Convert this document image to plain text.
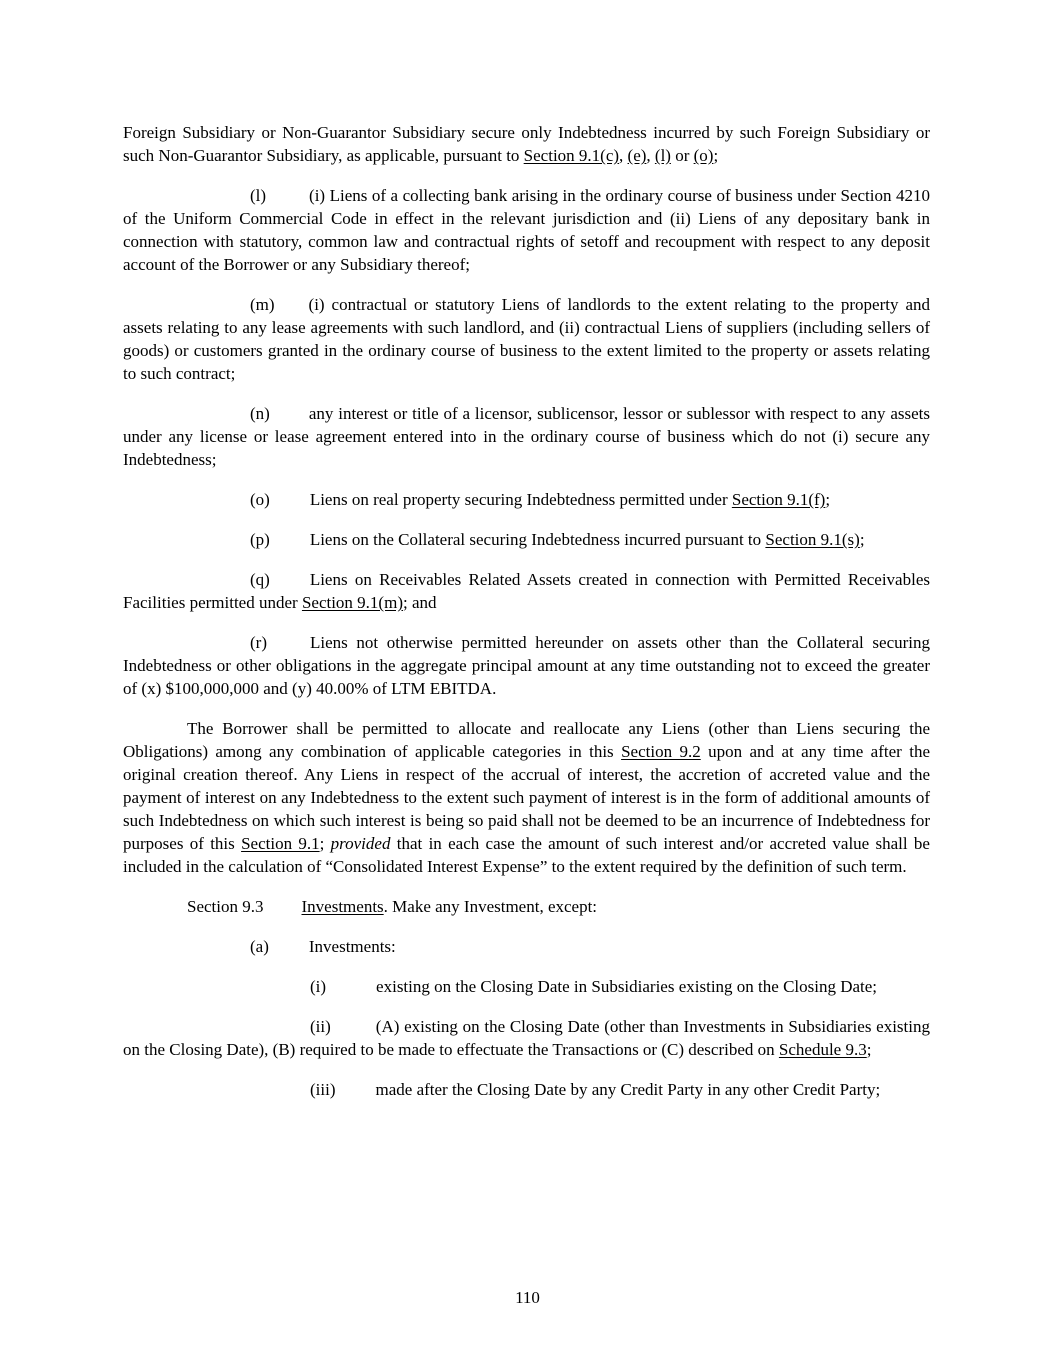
Foreign Subsidiary or Non-Guarantor Subsidiary secure only Indebtedness incurred by such Foreign Subsidiary or such Non-Guarantor Subsidiary, as applicable, pursuant to Section 9.1(c), (e), (l) or (o);

(l)	(i) Liens of a collecting bank arising in the ordinary course of business under Section 4210 of the Uniform Commercial Code in effect in the relevant jurisdiction and (ii) Liens of any depositary bank in connection with statutory, common law and contractual rights of setoff and recoupment with respect to any deposit account of the Borrower or any Subsidiary thereof;

(m) (i) contractual or statutory Liens of landlords to the extent relating to the property and assets relating to any lease agreements with such landlord, and (ii) contractual Liens of suppliers (including sellers of goods) or customers granted in the ordinary course of business to the extent limited to the property or assets relating to such contract;

(n) any interest or title of a licensor, sublicensor, lessor or sublessor with respect to any assets under any license or lease agreement entered into in the ordinary course of business which do not (i) secure any Indebtedness;

(o) Liens on real property securing Indebtedness permitted under Section 9.1(f);

(p) Liens on the Collateral securing Indebtedness incurred pursuant to Section 9.1(s);

(q) Liens on Receivables Related Assets created in connection with Permitted Receivables Facilities permitted under Section 9.1(m); and

(r)	Liens not otherwise permitted hereunder on assets other than the Collateral securing Indebtedness or other obligations in the aggregate principal amount at any time outstanding not to exceed the greater of (x) $100,000,000 and (y) 40.00% of LTM EBITDA.

The Borrower shall be permitted to allocate and reallocate any Liens (other than Liens securing the Obligations) among any combination of applicable categories in this Section 9.2 upon and at any time after the original creation thereof. Any Liens in respect of the accrual of interest, the accretion of accreted value and the payment of interest on any Indebtedness to the extent such payment of interest is in the form of additional amounts of such Indebtedness on which such interest is being so paid shall not be deemed to be an incurrence of Indebtedness for purposes of this Section 9.1; provided that in each case the amount of such interest and/or accreted value shall be included in the calculation of “Consolidated Interest Expense” to the extent required by the definition of such term.

Section 9.3 Investments. Make any Investment, except:

(a) Investments:

(i)	existing on the Closing Date in Subsidiaries existing on the Closing Date;

(ii)	(A) existing on the Closing Date (other than Investments in Subsidiaries existing on the Closing Date), (B) required to be made to effectuate the Transactions or (C) described on Schedule 9.3;

(iii) made after the Closing Date by any Credit Party in any other Credit Party;

110
